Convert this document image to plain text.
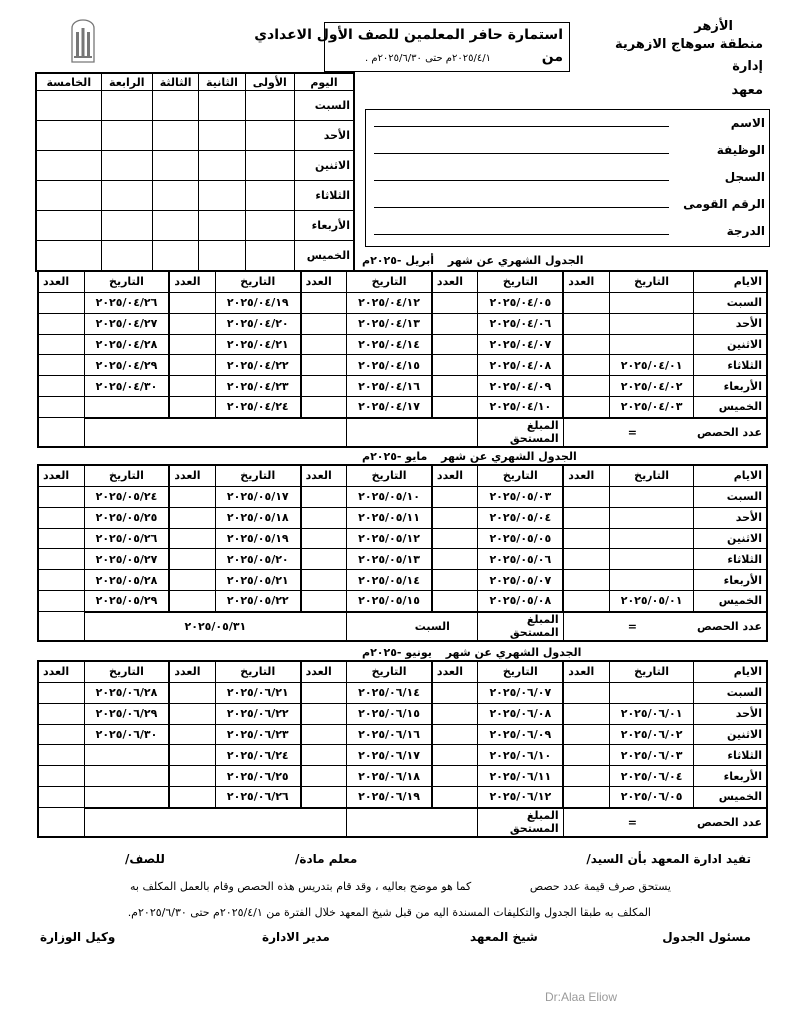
الأزهر
منطقة سوهاج الازهرية
إدارة
معهد
استمارة حافر المعلمين للصف الأول الاعدادي
من
٢٠٢٥/٤/١م حتى ٢٠٢٥/٦/٣٠م .
اليوم	الأولى	الثانية	الثالثة	الرابعة	الخامسة
السبت					
الأحد					
الاثنين					
الثلاثاء					
الأربعاء					
الخميس					
الاسم
الوظيفة
السجل
الرقم القومى
الدرجة
الجدول الشهري عن شهر أبريل -٢٠٢٥م
الجدول الشهري عن شهر مايو -٢٠٢٥م
الجدول الشهري عن شهر يونيو -٢٠٢٥م
الايام	التاريخ	العدد	التاريخ	العدد	التاريخ	العدد	التاريخ	العدد	التاريخ	العدد
السبت			٢٠٢٥/٠٤/٠٥		٢٠٢٥/٠٤/١٢		٢٠٢٥/٠٤/١٩		٢٠٢٥/٠٤/٢٦	
الأحد			٢٠٢٥/٠٤/٠٦		٢٠٢٥/٠٤/١٣		٢٠٢٥/٠٤/٢٠		٢٠٢٥/٠٤/٢٧	
الاثنين			٢٠٢٥/٠٤/٠٧		٢٠٢٥/٠٤/١٤		٢٠٢٥/٠٤/٢١		٢٠٢٥/٠٤/٢٨	
الثلاثاء	٢٠٢٥/٠٤/٠١		٢٠٢٥/٠٤/٠٨		٢٠٢٥/٠٤/١٥		٢٠٢٥/٠٤/٢٢		٢٠٢٥/٠٤/٢٩	
الأربعاء	٢٠٢٥/٠٤/٠٢		٢٠٢٥/٠٤/٠٩		٢٠٢٥/٠٤/١٦		٢٠٢٥/٠٤/٢٣		٢٠٢٥/٠٤/٣٠	
الخميس	٢٠٢٥/٠٤/٠٣		٢٠٢٥/٠٤/١٠		٢٠٢٥/٠٤/١٧		٢٠٢٥/٠٤/٢٤			
عدد الحصص=			المبلغ المستحق							
الايام	التاريخ	العدد	التاريخ	العدد	التاريخ	العدد	التاريخ	العدد	التاريخ	العدد
السبت			٢٠٢٥/٠٥/٠٣		٢٠٢٥/٠٥/١٠		٢٠٢٥/٠٥/١٧		٢٠٢٥/٠٥/٢٤	
الأحد			٢٠٢٥/٠٥/٠٤		٢٠٢٥/٠٥/١١		٢٠٢٥/٠٥/١٨		٢٠٢٥/٠٥/٢٥	
الاثنين			٢٠٢٥/٠٥/٠٥		٢٠٢٥/٠٥/١٢		٢٠٢٥/٠٥/١٩		٢٠٢٥/٠٥/٢٦	
الثلاثاء			٢٠٢٥/٠٥/٠٦		٢٠٢٥/٠٥/١٣		٢٠٢٥/٠٥/٢٠		٢٠٢٥/٠٥/٢٧	
الأربعاء			٢٠٢٥/٠٥/٠٧		٢٠٢٥/٠٥/١٤		٢٠٢٥/٠٥/٢١		٢٠٢٥/٠٥/٢٨	
الخميس	٢٠٢٥/٠٥/٠١		٢٠٢٥/٠٥/٠٨		٢٠٢٥/٠٥/١٥		٢٠٢٥/٠٥/٢٢		٢٠٢٥/٠٥/٢٩	
عدد الحصص=			المبلغ المستحق	السبت		٢٠٢٥/٠٥/٣١				
الايام	التاريخ	العدد	التاريخ	العدد	التاريخ	العدد	التاريخ	العدد	التاريخ	العدد
السبت			٢٠٢٥/٠٦/٠٧		٢٠٢٥/٠٦/١٤		٢٠٢٥/٠٦/٢١		٢٠٢٥/٠٦/٢٨	
الأحد	٢٠٢٥/٠٦/٠١		٢٠٢٥/٠٦/٠٨		٢٠٢٥/٠٦/١٥		٢٠٢٥/٠٦/٢٢		٢٠٢٥/٠٦/٢٩	
الاثنين	٢٠٢٥/٠٦/٠٢		٢٠٢٥/٠٦/٠٩		٢٠٢٥/٠٦/١٦		٢٠٢٥/٠٦/٢٣		٢٠٢٥/٠٦/٣٠	
الثلاثاء	٢٠٢٥/٠٦/٠٣		٢٠٢٥/٠٦/١٠		٢٠٢٥/٠٦/١٧		٢٠٢٥/٠٦/٢٤			
الأربعاء	٢٠٢٥/٠٦/٠٤		٢٠٢٥/٠٦/١١		٢٠٢٥/٠٦/١٨		٢٠٢٥/٠٦/٢٥			
الخميس	٢٠٢٥/٠٦/٠٥		٢٠٢٥/٠٦/١٢		٢٠٢٥/٠٦/١٩		٢٠٢٥/٠٦/٢٦			
عدد الحصص=			المبلغ المستحق							
تفيد ادارة المعهد بأن السيد/
معلم مادة/
للصف/
يستحق صرف قيمة عدد حصص
كما هو موضح بعاليه ، وقد قام بتدريس هذه الحصص وقام بالعمل المكلف به
المكلف به طبقا الجدول والتكليفات المسندة اليه من قبل شيخ المعهد خلال الفترة من ٢٠٢٥/٤/١م حتى ٢٠٢٥/٦/٣٠م.
مسئول الجدول
شيخ المعهد
مدير الادارة
وكيل الوزارة
Dr:Alaa Eliow
